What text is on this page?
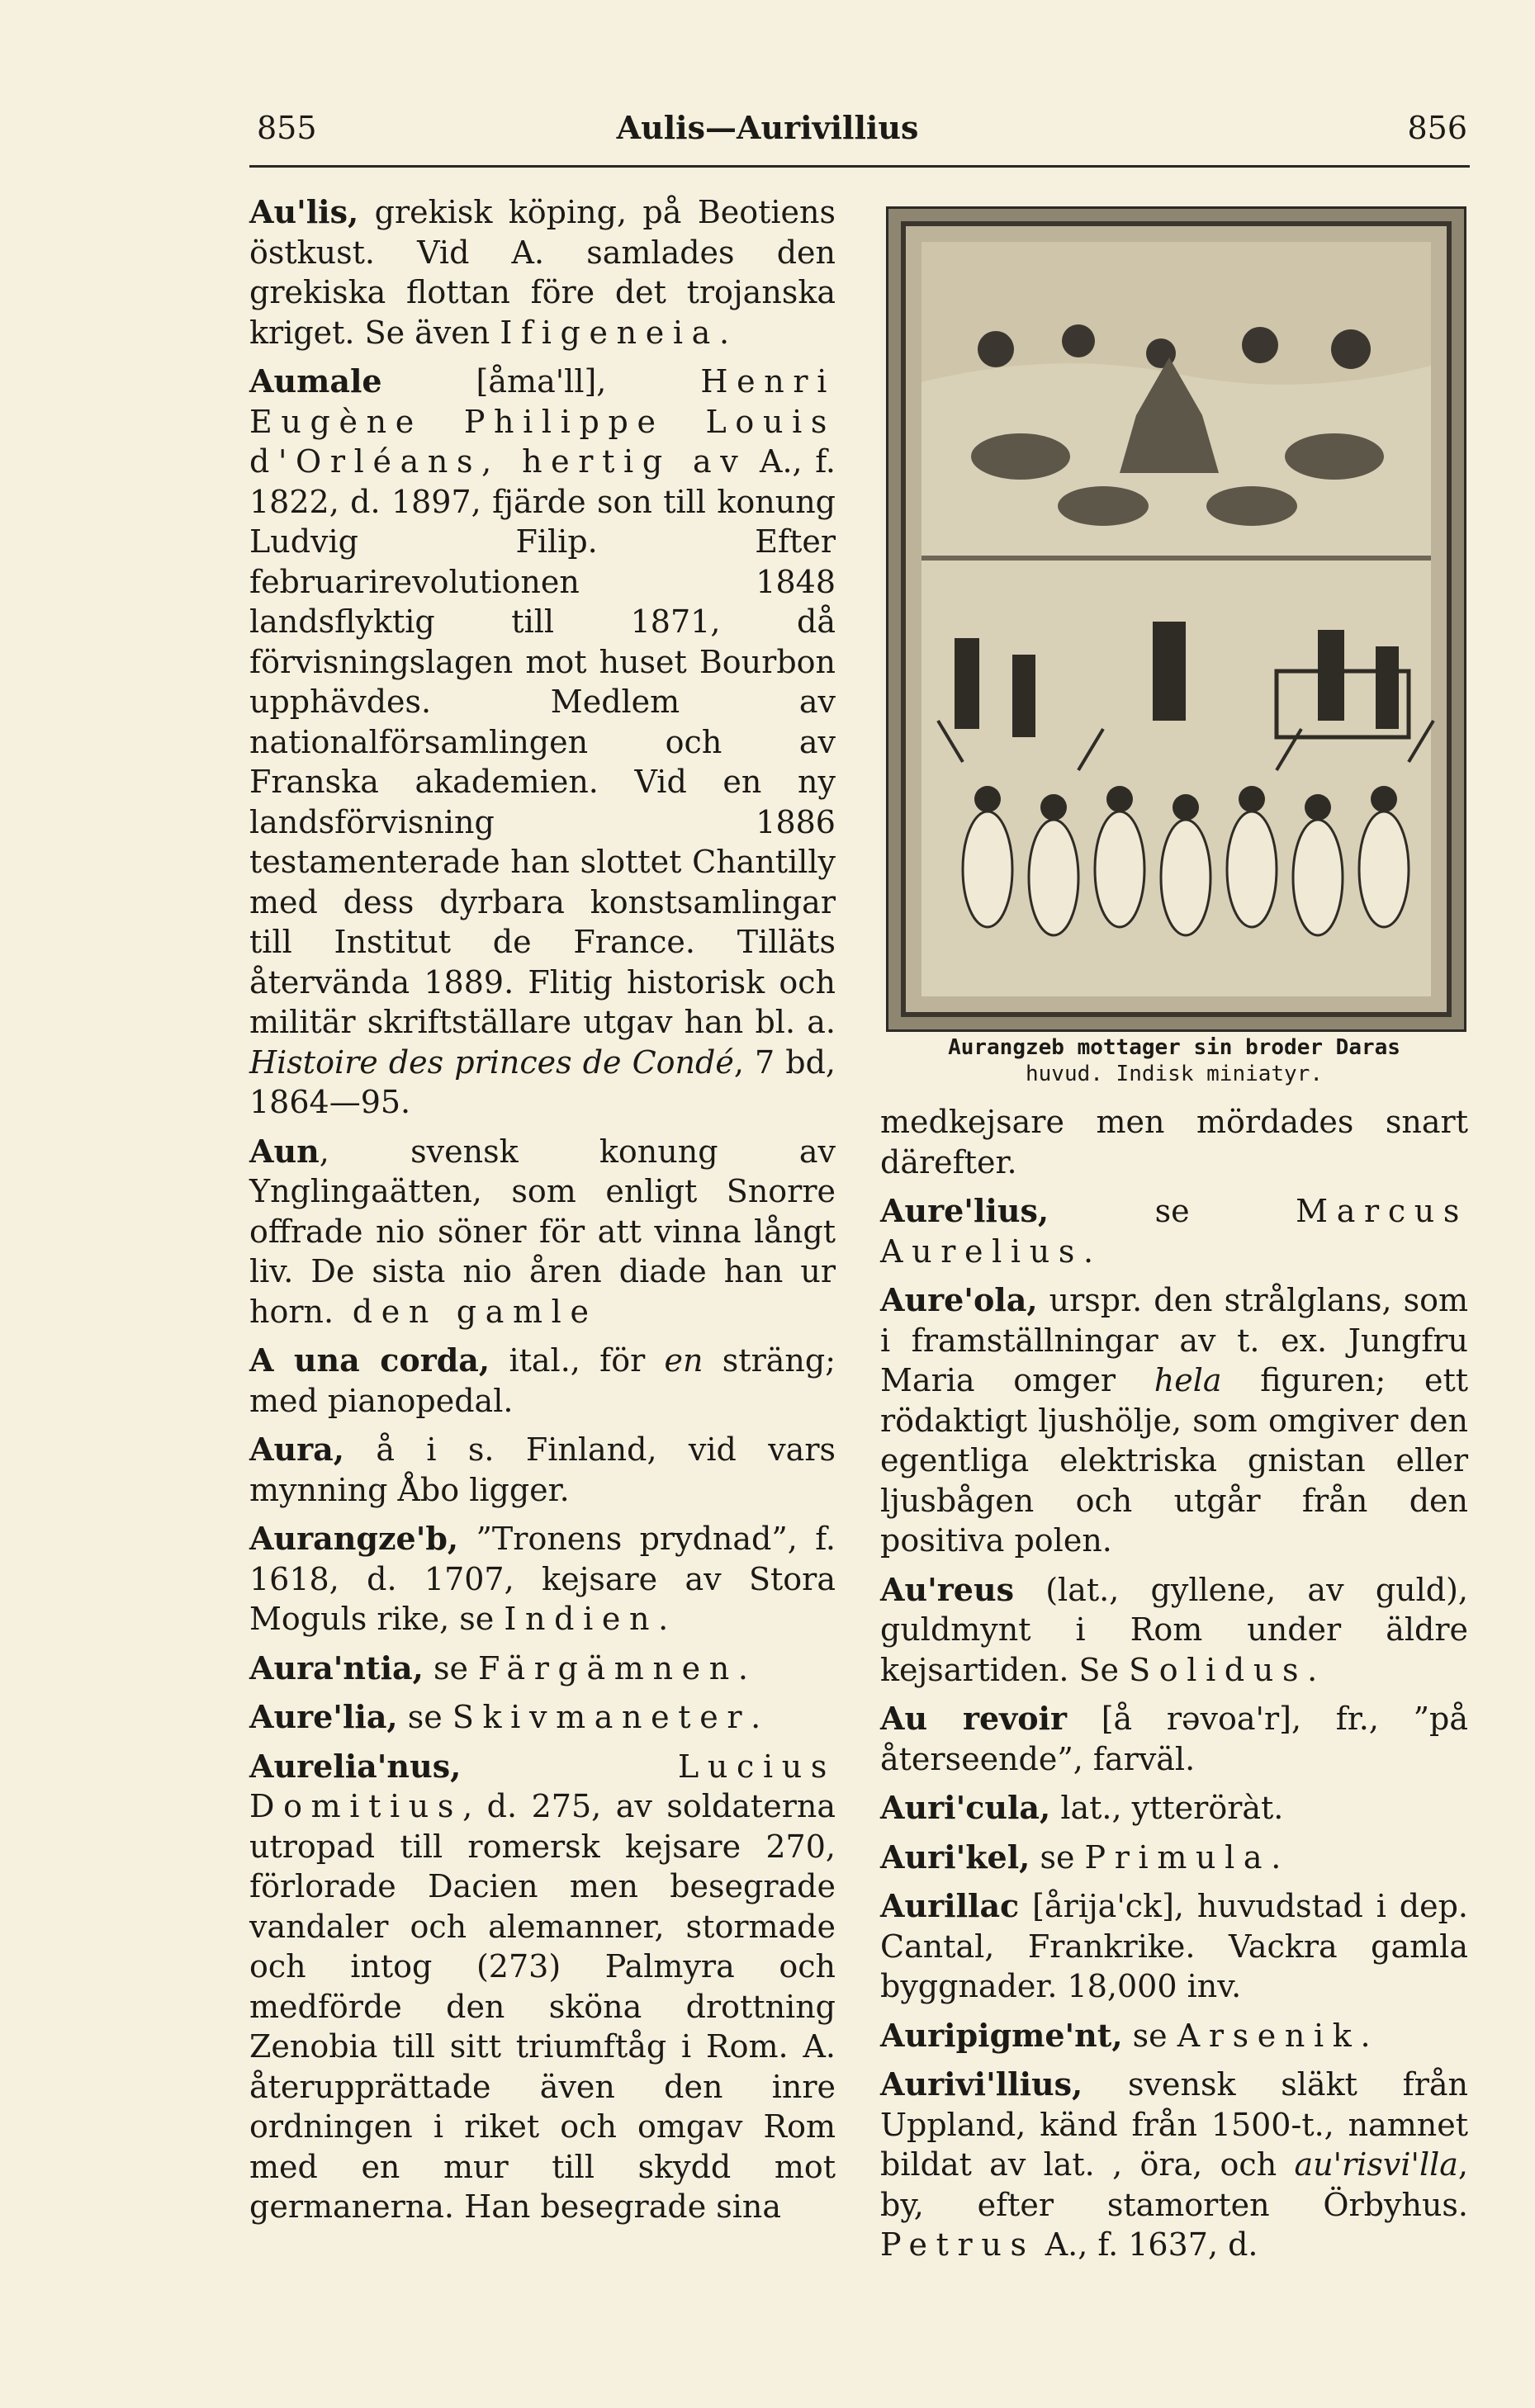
855	Aulis—Aurivillius	856

Au'lis, grekisk köping, på Beotiens östkust. Vid A. samlades den grekiska flottan före det trojanska kriget. Se även Ifigeneia.

Aumale [åma'll], Henri Eugène Philippe Louis d'Orléans, hertig av A., f. 1822, d. 1897, fjärde son till konung Ludvig Filip. Efter februarirevolutionen 1848 landsflyktig till 1871, då förvisningslagen mot huset Bourbon upphävdes. Medlem av nationalförsamlingen och av Franska akademien. Vid en ny landsförvisning 1886 testamenterade han slottet Chantilly med dess dyrbara konstsamlingar till Institut de France. Tilläts återvända 1889. Flitig historisk och militär skriftställare utgav han bl. a. Histoire des princes de Condé, 7 bd, 1864—95.

Aun, svensk konung av Ynglingaätten, som enligt Snorre offrade nio söner för att vinna långt liv. De sista nio åren diade han ur horn. den gamle

A una corda, ital., för en sträng; med pianopedal.

Aura, å i s. Finland, vid vars mynning Åbo ligger.

Aurangze'b, ”Tronens prydnad”, f. 1618, d. 1707, kejsare av Stora Moguls rike, se Indien.

Aura'ntia, se Färgämnen.

Aure'lia, se Skivmaneter.

Aurelia'nus,	Lucius Domitius, d. 275, av soldaterna utropad till romersk kejsare 270, förlorade Dacien men besegrade vandaler och alemanner, stormade och intog (273) Palmyra och medförde den sköna drottning Zenobia till sitt triumftåg i Rom. A. återupprättade även den inre ordningen i riket och omgav Rom med en mur till skydd mot germanerna. Han besegrade sina

Aurangzeb mottager sin broder Daras
huvud. Indisk miniatyr.

medkejsare men mördades snart därefter.

Aure'lius, se Marcus Aurelius.

Aure'ola, urspr. den strålglans, som i framställningar av t. ex. Jungfru Maria omger hela figuren; ett rödaktigt ljushölje, som omgiver den egentliga elektriska gnistan eller ljusbågen och utgår från den positiva polen.

Au'reus (lat., gyllene, av guld), guldmynt i Rom under äldre kejsartiden. Se Solidus.

Au revoir [å rəvoa'r], fr., ”på återseende”, farväl.

Auri'cula, lat., ytteröràt.

Auri'kel, se Primula.

Aurillac [årija'ck], huvudstad i dep. Cantal, Frankrike. Vackra gamla byggnader. 18,000 inv.

Auripigme'nt, se Arsenik.

Aurivi'llius, svensk släkt från Uppland, känd från 1500-t., namnet bildat av lat. , öra, och au'risvi'lla, by, efter stamorten Örbyhus. Petrus A., f. 1637, d.
